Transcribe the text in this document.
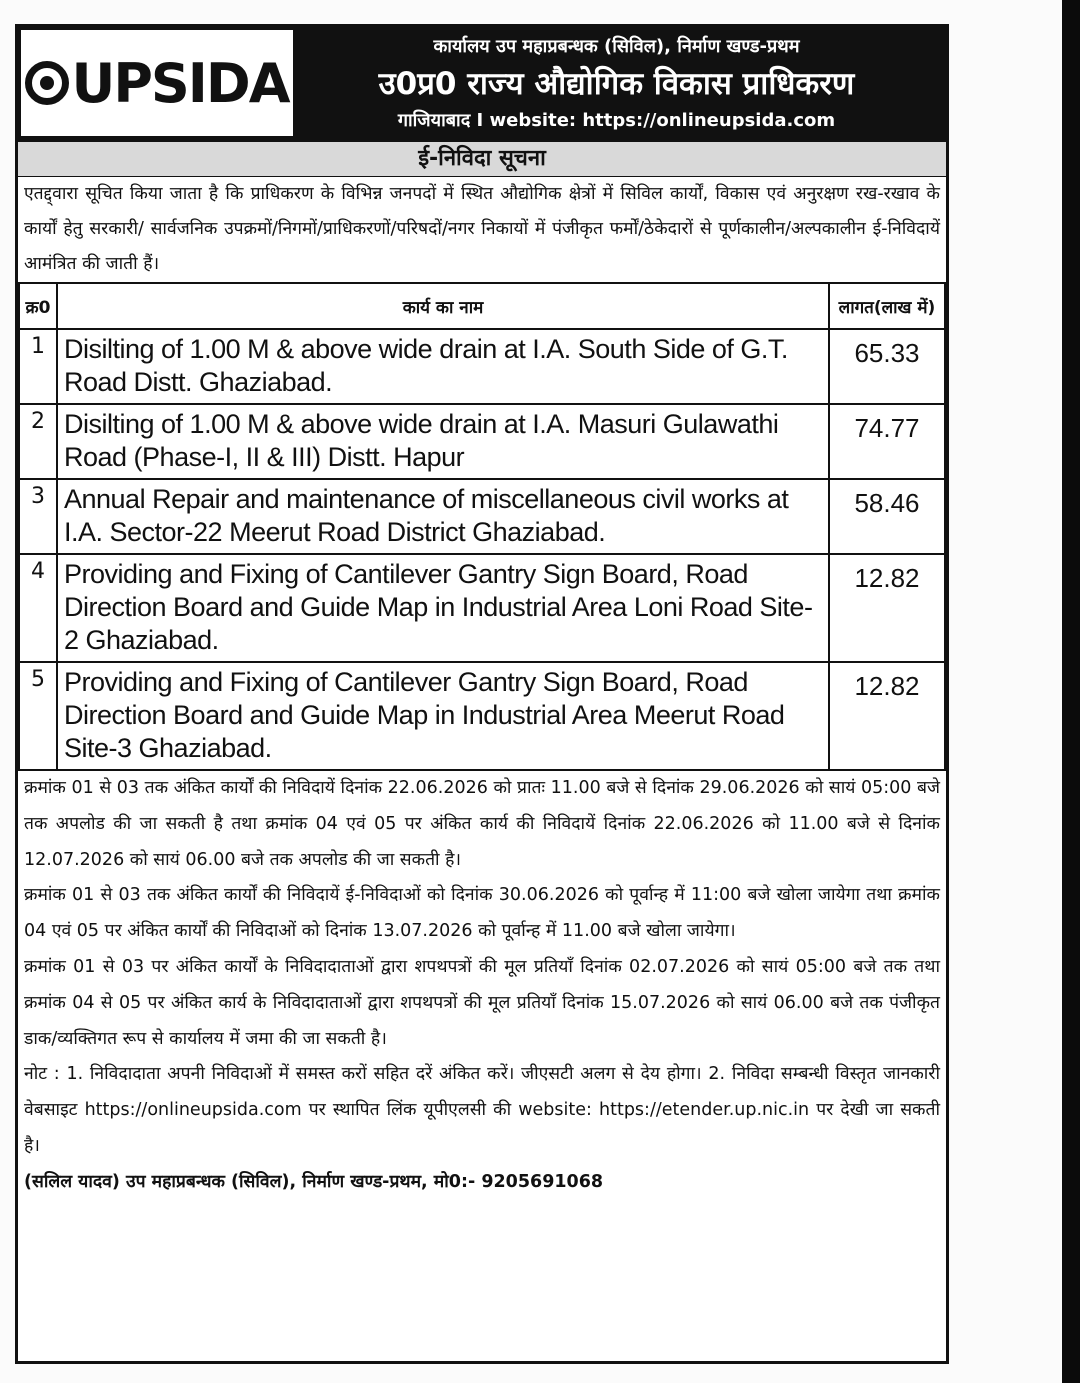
UPSIDA
कार्यालय उप महाप्रबन्धक (सिविल), निर्माण खण्ड-प्रथम
उ0प्र0 राज्य औद्योगिक विकास प्राधिकरण
गाजियाबाद I website: https://onlineupsida.com
ई-निविदा सूचना
एतद्द्वारा सूचित किया जाता है कि प्राधिकरण के विभिन्न जनपदों में स्थित औद्योगिक क्षेत्रों में सिविल कार्यों, विकास एवं अनुरक्षण रख-रखाव के कार्यों हेतु सरकारी/ सार्वजनिक उपक्रमों/निगमों/प्राधिकरणों/परिषदों/नगर निकायों में पंजीकृत फर्मों/ठेकेदारों से पूर्णकालीन/अल्पकालीन ई-निविदायें आमंत्रित की जाती हैं।
क्र0	कार्य का नाम	लागत(लाख में)
1	Disilting of 1.00 M & above wide drain at I.A. South Side of G.T. Road Distt. Ghaziabad.	65.33
2	Disilting of 1.00 M & above wide drain at I.A. Masuri Gulawathi Road (Phase-I, II & III) Distt. Hapur	74.77
3	Annual Repair and maintenance of miscellaneous civil works at I.A. Sector-22 Meerut Road District Ghaziabad.	58.46
4	Providing and Fixing of Cantilever Gantry Sign Board, Road Direction Board and Guide Map in Industrial Area Loni Road Site-2 Ghaziabad.	12.82
5	Providing and Fixing of Cantilever Gantry Sign Board, Road Direction Board and Guide Map in Industrial Area Meerut Road Site-3 Ghaziabad.	12.82

क्रमांक 01 से 03 तक अंकित कार्यों की निविदायें दिनांक 22.06.2026 को प्रातः 11.00 बजे से दिनांक 29.06.2026 को सायं 05:00 बजे तक अपलोड की जा सकती है तथा क्रमांक 04 एवं 05 पर अंकित कार्य की निविदायें दिनांक 22.06.2026 को 11.00 बजे से दिनांक 12.07.2026 को सायं 06.00 बजे तक अपलोड की जा सकती है।

क्रमांक 01 से 03 तक अंकित कार्यों की निविदायें ई-निविदाओं को दिनांक 30.06.2026 को पूर्वान्ह में 11:00 बजे खोला जायेगा तथा क्रमांक 04 एवं 05 पर अंकित कार्यों की निविदाओं को दिनांक 13.07.2026 को पूर्वान्ह में 11.00 बजे खोला जायेगा।

क्रमांक 01 से 03 पर अंकित कार्यों के निविदादाताओं द्वारा शपथपत्रों की मूल प्रतियाँ दिनांक 02.07.2026 को सायं 05:00 बजे तक तथा क्रमांक 04 से 05 पर अंकित कार्य के निविदादाताओं द्वारा शपथपत्रों की मूल प्रतियाँ दिनांक 15.07.2026 को सायं 06.00 बजे तक पंजीकृत डाक/व्यक्तिगत रूप से कार्यालय में जमा की जा सकती है।

नोट : 1. निविदादाता अपनी निविदाओं में समस्त करों सहित दरें अंकित करें। जीएसटी अलग से देय होगा। 2. निविदा सम्बन्धी विस्तृत जानकारी वेबसाइट https://onlineupsida.com पर स्थापित लिंक यूपीएलसी की website: https://etender.up.nic.in पर देखी जा सकती है।

(सलिल यादव) उप महाप्रबन्धक (सिविल), निर्माण खण्ड-प्रथम, मो0:- 9205691068
